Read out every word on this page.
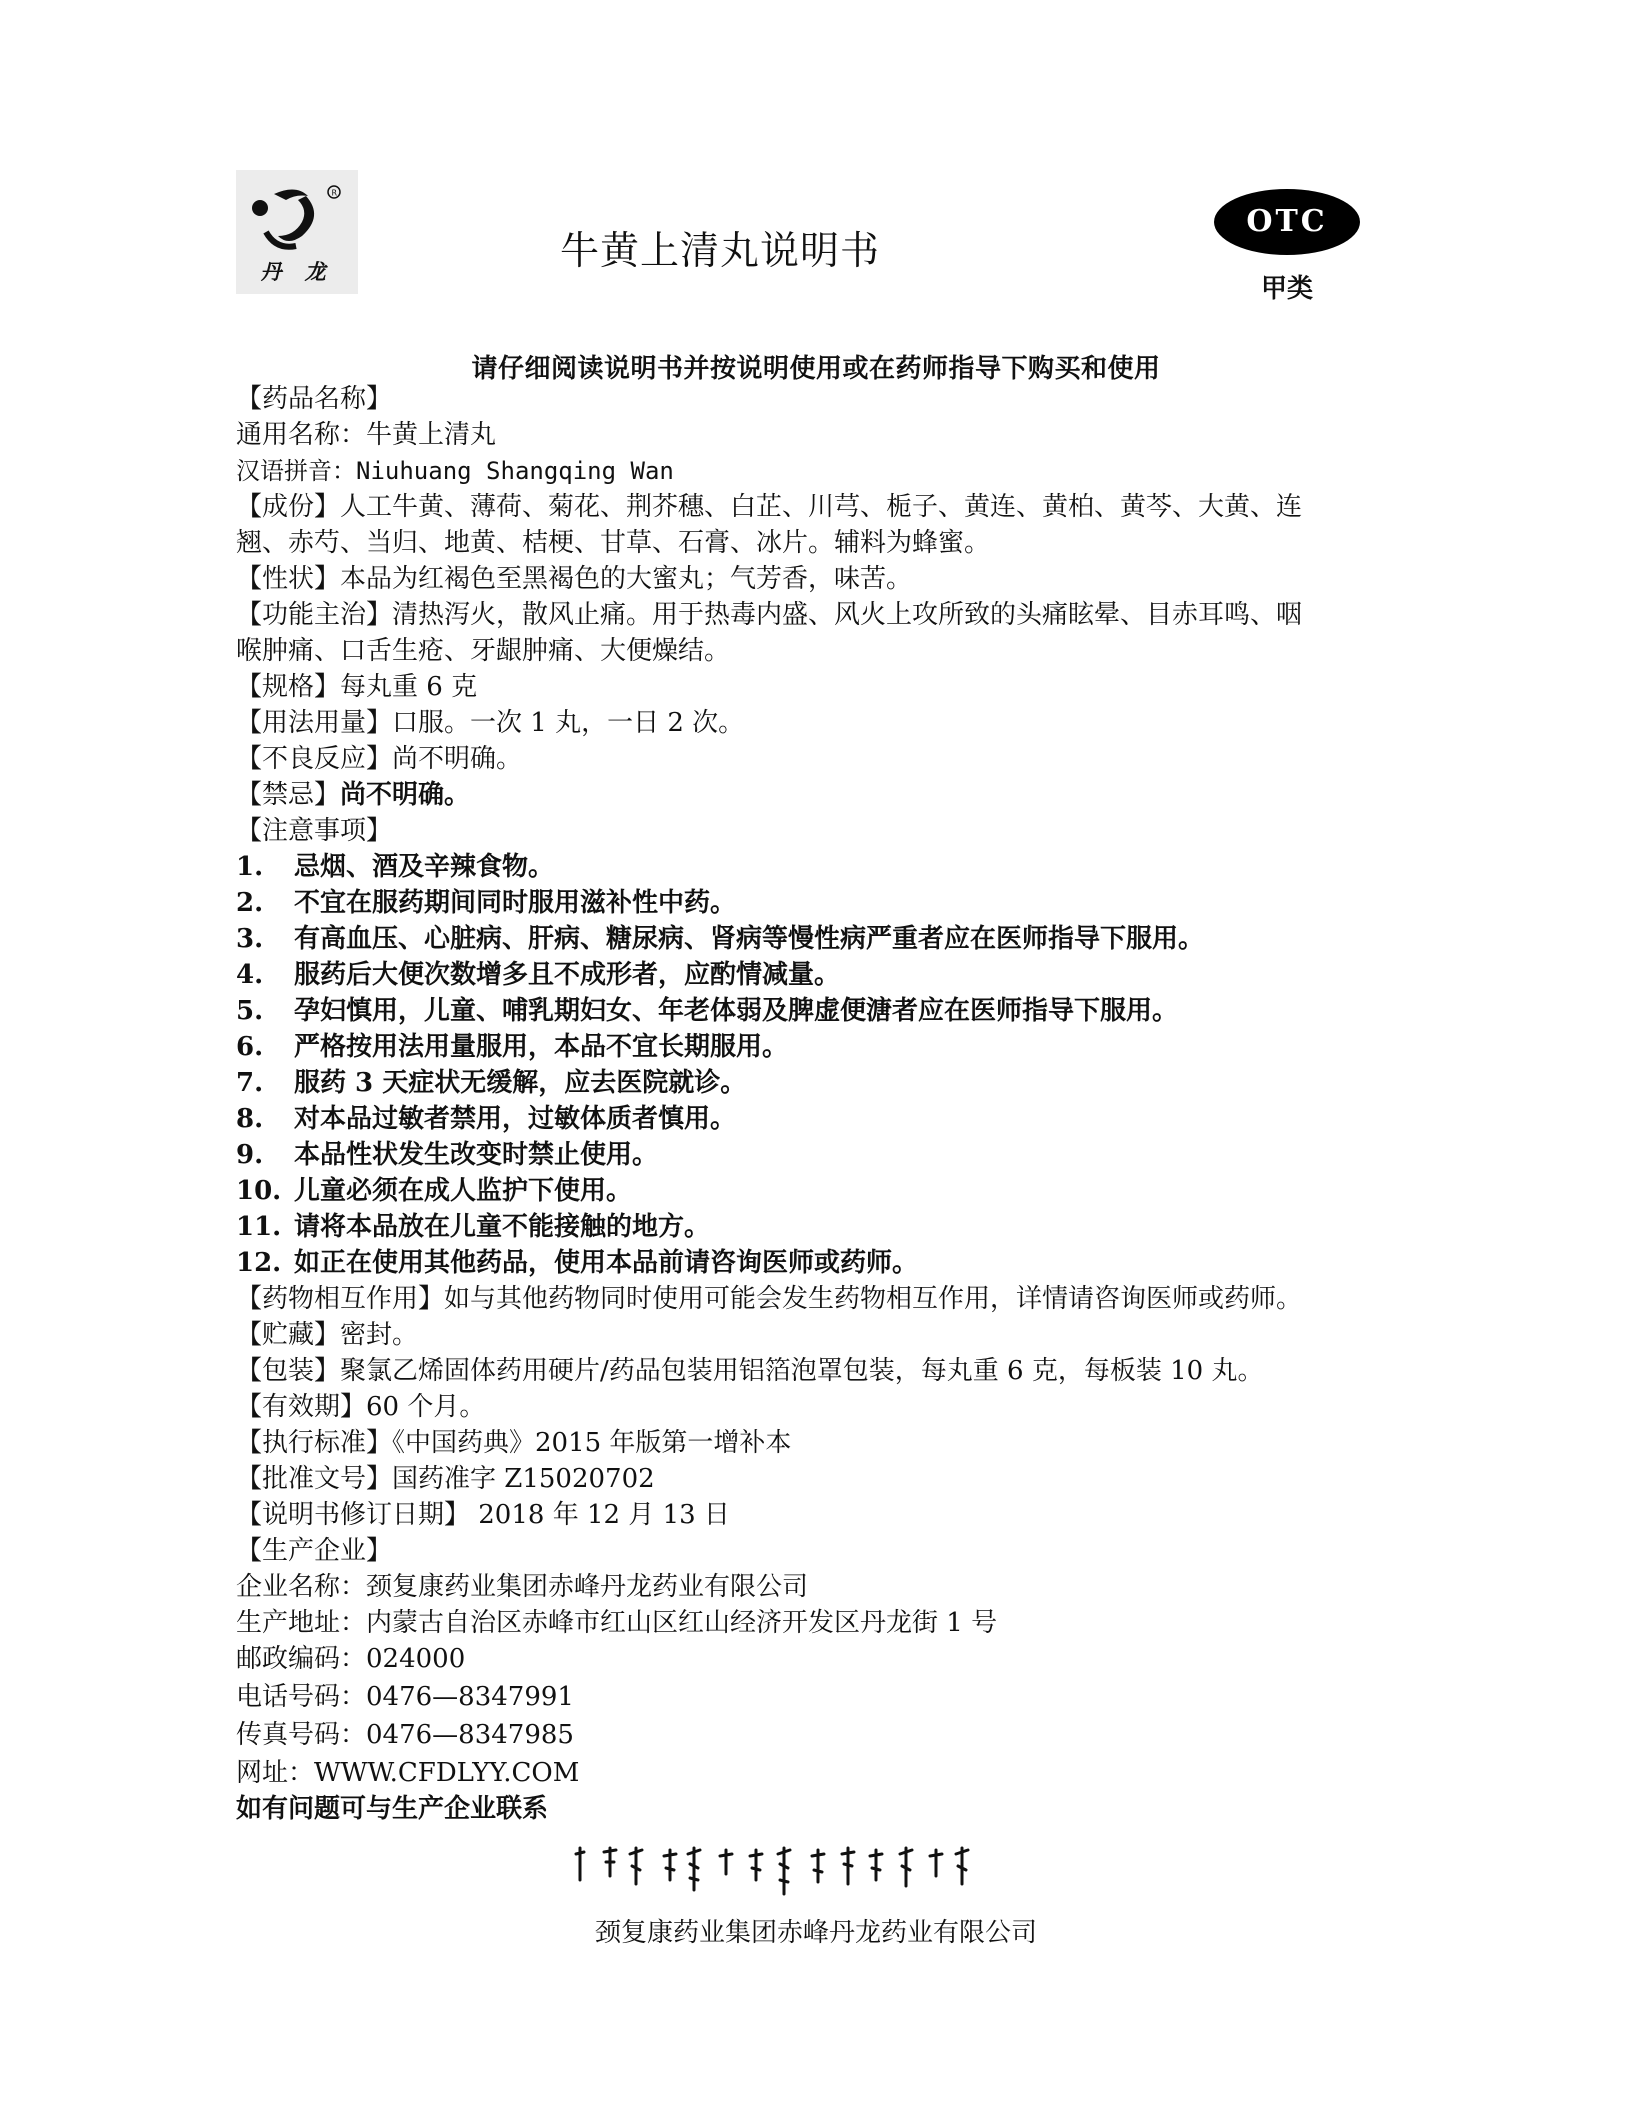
R
丹 龙	牛黄上清丸说明书
OTC
甲类
请仔细阅读说明书并按说明使用或在药师指导下购买和使用
【药品名称】
通用名称：牛黄上清丸
汉语拼音：Niuhuang Shangqing Wan
【成份】人工牛黄、薄荷、菊花、荆芥穗、白芷、川芎、栀子、黄连、黄柏、黄芩、大黄、连
翘、赤芍、当归、地黄、桔梗、甘草、石膏、冰片。辅料为蜂蜜。
【性状】本品为红褐色至黑褐色的大蜜丸；气芳香，味苦。
【功能主治】清热泻火，散风止痛。用于热毒内盛、风火上攻所致的头痛眩晕、目赤耳鸣、咽
喉肿痛、口舌生疮、牙龈肿痛、大便燥结。
【规格】每丸重 6 克
【用法用量】口服。一次 1 丸，一日 2 次。
【不良反应】尚不明确。
【禁忌】尚不明确。
【注意事项】
1. 忌烟、酒及辛辣食物。
2. 不宜在服药期间同时服用滋补性中药。
3. 有高血压、心脏病、肝病、糖尿病、肾病等慢性病严重者应在医师指导下服用。
4. 服药后大便次数增多且不成形者，应酌情减量。
5. 孕妇慎用，儿童、哺乳期妇女、年老体弱及脾虚便溏者应在医师指导下服用。
6. 严格按用法用量服用，本品不宜长期服用。
7. 服药 3 天症状无缓解，应去医院就诊。
8. 对本品过敏者禁用，过敏体质者慎用。
9. 本品性状发生改变时禁止使用。
10. 儿童必须在成人监护下使用。
11. 请将本品放在儿童不能接触的地方。
12. 如正在使用其他药品，使用本品前请咨询医师或药师。
【药物相互作用】如与其他药物同时使用可能会发生药物相互作用，详情请咨询医师或药师。
【贮藏】密封。
【包装】聚氯乙烯固体药用硬片/药品包装用铝箔泡罩包装，每丸重 6 克，每板装 10 丸。
【有效期】60 个月。
【执行标准】《中国药典》2015 年版第一增补本
【批准文号】国药准字 Z15020702
【说明书修订日期】 2018 年 12 月 13 日
【生产企业】
企业名称：颈复康药业集团赤峰丹龙药业有限公司
生产地址：内蒙古自治区赤峰市红山区红山经济开发区丹龙街 1 号
邮政编码：024000
电话号码：0476—8347991
传真号码：0476—8347985
网址：WWW.CFDLYY.COM
如有问题可与生产企业联系
颈复康药业集团赤峰丹龙药业有限公司
